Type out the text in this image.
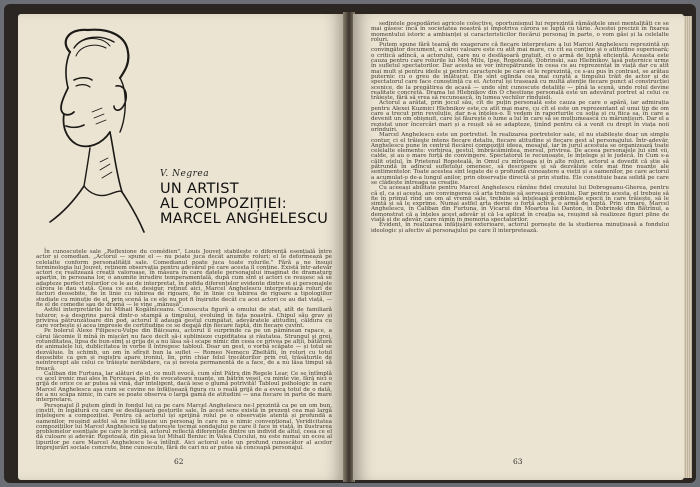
V. Negrea
UN ARTIST
AL COMPOZIȚIEI:
MARCEL ANGHELESCU

În cunoscutele sale „Reflexione du comédien", Louis Jouvet stabilește o diferență esențială între actor și comedian. „Actorul — spune el — nu poate juca decât anumite roluri; el le deformează pe celelalte conform personalității sale. Comedianul poate juca toate rolurile." Fără a ne însuși terminologia lui Jouvet, reținem observația pentru adevărul pe care acesta îl conține. Există într-adevăr actori ce realizează creații valoroase, în măsura în care datele personajului imaginat de dramaturg aparțin, în persoana lor, o anumite înrudire temperamentală, după cum sînt și actori ce reușesc să se adapteze perfect rolurilor ce le au de interpretat, în pofida diferențelor evidente dintre ei și personajele cărora le dau viață. Ceea ce este, desigur, reținut aici, Marcel Anghelescu interpretează roluri de facturi deosebite, fie în linie cu iubirea de rigoare, fie în linie cu iubirea de rigoare a tipologiilor studiate cu minuție de el, prin scenă la ce ele nu pot fi înșiruite decât cu acei actori ce au dat viață, — fie el de comedie sau de dramă — le vine „mănușă".

Astfel interpretările lui Mihail Kogălniceanu. Cunoscuta figură a omului de stat, atît de familiară tuturor, s-a desprins parcă dintr-o stampă a timpului, evoluînd în fața noastră. Chipul său grav și privirea pătrunzătoare din pod, actorul îl adaugă gestul cumpătat, adevăratele atitudini, căldura cu care vorbește și acea impresie de certitudine ce se degajă din fiecare faptă, din fiecare cuvînt.

Pe bolerul Alexe Filipescu-Vulpe din Băiceanu, actorul îl surprinde ca pe un pămînean rapace, a cărui lăcomie îl mînă în mișcări nu face decît să-i sublinieze cupiditatea și răutatea. Strungul și grei, rotunditatea, lipsa de bun-simț și grija de a nu lăsa să-i scape nimic din ceea ce privea pe alții, bătătură de animalele lui, dublicitatea în vorbe îl întregesc tabloul. Doar un gest, o vorbă scăpate — și totul se dezvăluie. În schimb, un om în sfîrșit bun la suflet — Romeo Nemecu Zbeltăfii, în roluri cu totul deosebite ca gen și registru apare ironiul, lin, prin chiar felul trecătorilor prin rol, trăsăturile de neîntrerupt ale celui ce trăiește nerăbdare, ca și nevoia permanentă de a face, de a nu lăsa timpul să treacă.

Caliban din Furtuna, lar alături de el, ce mult evocă, cum sînt Pătru din Regele Lear, Ce se întîmplă cu acel ironic mai ales în Fercuasa, plin de evocatoare nuanțe, un bătrîn vesel, cu minte vie, fără nici o grijă de orice ce ar putea să vină, dar inteligent, dacă iese o glumă potrivită! Tabloul psihologic în care Marcel Anghelescu așa cum se cuvine ne înfățișează figura cu o reală grijă de a evoca totul de o dată, de a nu scăpa nimic, în care se poate observa o largă gamă de atitudini — una fiecare în parte de mare interpretare.

Personajul îl putem gîndi în fondul lui ca pe care Marcel Anghelescu ne-l prezintă ca pe un om bun, cinstit, în legătură cu care se desfășoară gesturile sale. În acest sens există în prezent cea mai largă înțelegere a compoziției. Pentru că actorul își sprijină rolul pe o observație atentă și profundă a oamenilor, reușind astfel să ne înfățișeze un personaj în care nu e nimic convențional. Veridicitatea compozițiilor lui Marcel Anghelescu se datorește tocmai sondajului pe care îl face în viață, în ilustrarea problemelor esențiale pe care le ridică, actorul reflectă diferențele dintre un individ de altul, ceea ce el dă culoare și adevăr. Ropotoală, din piesa lui Mihail Beniuc în Valea Cucului, nu este numai un ecou al tipurilor pe care Marcel Anghelescu le-a întîlnit. Aici actorul este un profund cunoscător al acelor împrejurări sociale concrete, bine cunoscute, fără de cari nu ar putea să conceapă personajul.

62

sedintele gospodăriei agricole colective, oportunismul lui reprezintă rămășițele unei mentalități ce se mai găsesc încă în societatea noastră și împotriva cărora se luptă cu tărie. Acestei precizii în fixarea momentului istoric a ambianței și caracteristicilor fiecărui personaj în parte, o vom găsi și la celelalte roluri.

Putem spune fără teamă de exagerare că fiecare interpretare a lui Marcel Anghelescu reprezintă un convingător document, a cărei valoare este cu atît mai mare, cu cît ea conține și o atitudine superioară; o critică adîncă, a actorului, care nu o desfășoară gratuit, ci o armă de luptă eficientă. Aceasta este cauza pentru care rolurile lui Moț Milu, Ipse, Ropoteală, Dobrinski, sau Hlebnikov, lasă puternice urme în sufletul spectatorilor. Dar acesta se vor întrepătrunde în ceea ce au reprezentat în viață dar cu atît mai mult și pentru ideile și pentru caracterele pe care ei le reprezintă, ce s-au pus în contrast, se arătau puternic cu o greu de înlăturat. Ele sînt oglinda cea mai curată a timpului trăit de actor și de spectatorul care face cunoștință cu ei. Actorul își trasează cu multă atenție fiecare punct al construcției scenice, de la pregătirea de acasă — unde sînt cunoscute detaliile — pînă la scenă, unde rolul devine realitate concretă. Drama lui Hlebnikov din O chestiune personală este un adevărat portret al celui ce trăiește, fără să vrea să recunoască, în lumea vechilor rînduieli.

Actorul a arătat, prin jocul său, cît de puțin personală este cauza pe care o apără, iar admirația pentru Alexei Kuzmici Hlebnikov este cu atît mai mare, cu cît el este un reprezentant al unui tip de om care a trecut prin revoluție, dar n-a înțeles-o. Îl vedem în raporturile cu soția și cu fiica sa, în care a devenit un om obișnuit, care își făurește o lume a lui în care să se mulțumească cu mărunțișuri. Dar el a rezistat unor încercări mari și a reușit să se adapteze, ținînd pentru că a venit cu drept în viața noii orînduiri.

Marcel Anghelescu este un portretist. În realizarea portretelor sale, el nu stabilește doar un simplu contur, ci el trăiește intens fiecare detaliu, fiecare atitudine și fiecare gest al personajului. Într-adevăr, Anghelescu pune în centrul fiecărei compoziții ideea, mesajul, iar în jurul acestuia se organizează toate celelalte elemente: vorbirea, gestul, îmbrăcămintea, mersul, privirea. De aceea personajele lui sînt vii, calde, și au o mare forță de convingere. Spectatorul le recunoaște, le înțelege și le judecă. În Cum s-a călit oțelul, în Prietenul Ropoteală, în Omul cu mîrțoaga și în alte roluri, actorul a dovedit că știe să pătrundă în adîncul sufletului omenesc, să descopere și să dezvăluie cele mai fine nuanțe ale sentimentelor. Toate acestea sînt legate de o profundă cunoaștere a vieții și a oamenilor, pe care actorul a acumulat-o de-a lungul anilor, prin observație directă și prin studiu. Ele constituie baza solidă pe care se clădește întreaga sa creație.

Cu aceeași abilitate pentru Marcel Anghelescu rămîne fidel crezului lui Dobrogeanu-Gherea, pentru că el, ca și acesta, are convingerea că arta trebuie să servească omului. Dar pentru acesta, el trebuie să fie în primul rînd un om al vremii sale, trebuie să înțeleagă problemele epocii în care trăiește, să le simtă și să le exprime. Numai astfel arta devine o forță activă, o armă de luptă. Prin urmare, Marcel Anghelescu, în Caliban din Furtuna, în Vicarul din Moartea lui Danton, în Dobrinski din Bătrînul, a demonstrat că a înțeles acest adevăr și că l-a aplicat în creația sa, reușind să realizeze figuri pline de viață și de adevăr, care rămîn în memoria spectatorilor.

Evident, în realizarea înfățișării exterioare, actorul pornește de la studierea minuțioasă a fondului ideologic și afectiv al personajului pe care îl interpretează.

63
